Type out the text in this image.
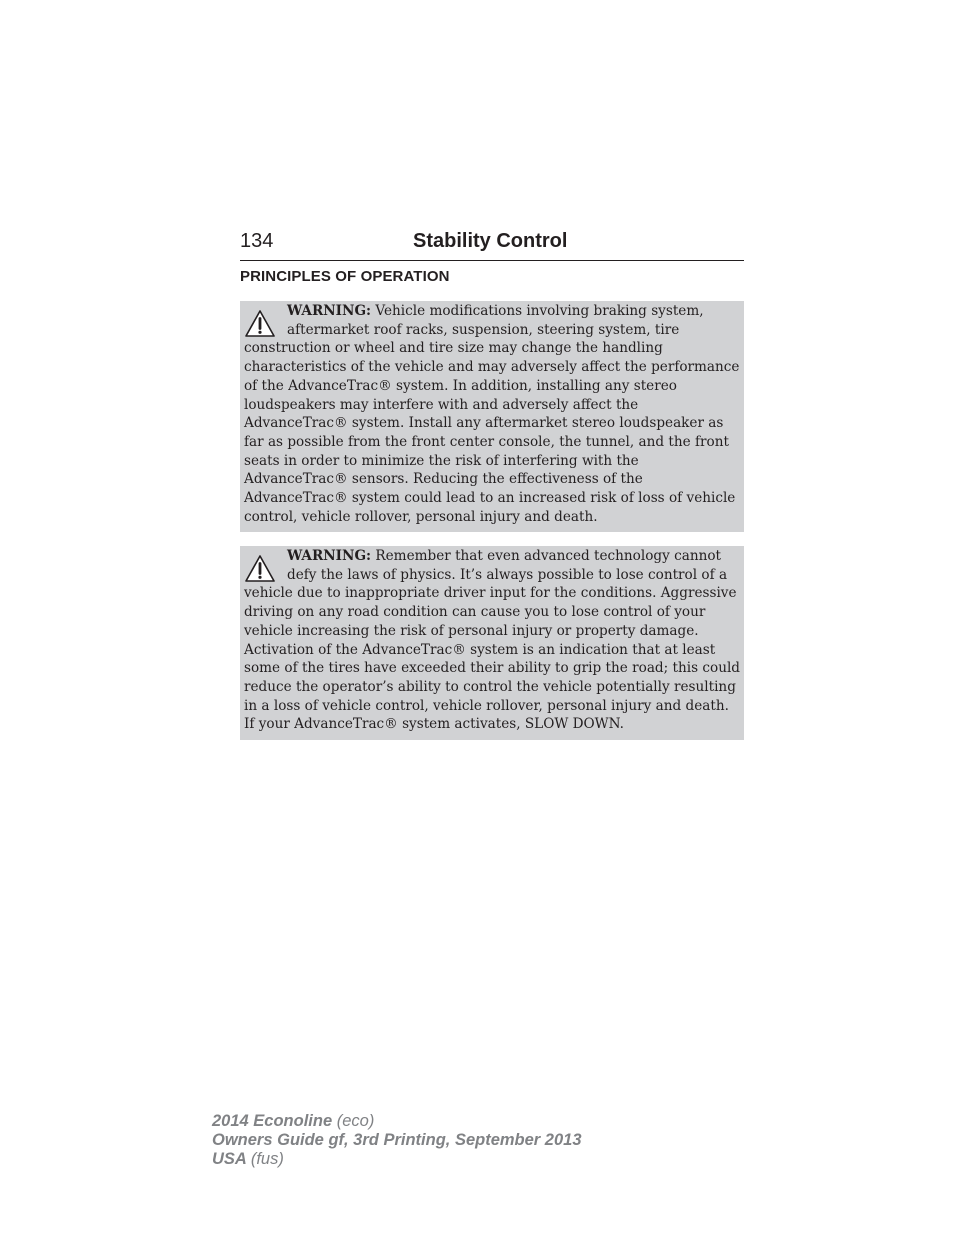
134	Stability Control
PRINCIPLES OF OPERATION

WARNING: Vehicle modifications involving braking system, aftermarket roof racks, suspension, steering system, tire construction or wheel and tire size may change the handling characteristics of the vehicle and may adversely affect the performance of the AdvanceTrac® system. In addition, installing any stereo loudspeakers may interfere with and adversely affect the AdvanceTrac® system. Install any aftermarket stereo loudspeaker as far as possible from the front center console, the tunnel, and the front seats in order to minimize the risk of interfering with the AdvanceTrac® sensors. Reducing the effectiveness of the AdvanceTrac® system could lead to an increased risk of loss of vehicle control, vehicle rollover, personal injury and death.

WARNING: Remember that even advanced technology cannot defy the laws of physics. It’s always possible to lose control of a vehicle due to inappropriate driver input for the conditions. Aggressive driving on any road condition can cause you to lose control of your vehicle increasing the risk of personal injury or property damage. Activation of the AdvanceTrac® system is an indication that at least some of the tires have exceeded their ability to grip the road; this could reduce the operator’s ability to control the vehicle potentially resulting in a loss of vehicle control, vehicle rollover, personal injury and death. If your AdvanceTrac® system activates, SLOW DOWN.

2014 Econoline (eco)
Owners Guide gf, 3rd Printing, September 2013
USA (fus)
